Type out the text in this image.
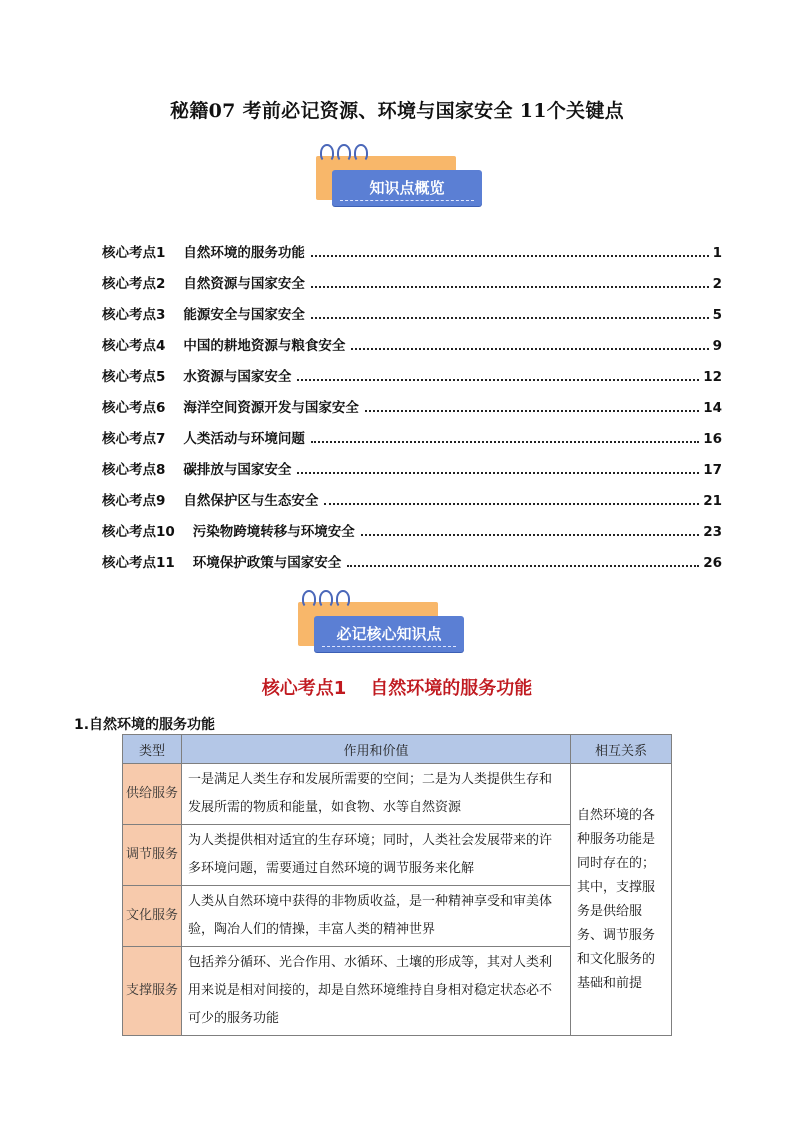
秘籍07 考前必记资源、环境与国家安全 11个关键点
知识点概览
核心考点1 自然环境的服务功能	1
核心考点2 自然资源与国家安全	2
核心考点3 能源安全与国家安全	5
核心考点4 中国的耕地资源与粮食安全	9
核心考点5 水资源与国家安全	12
核心考点6 海洋空间资源开发与国家安全	14
核心考点7 人类活动与环境问题	16
核心考点8 碳排放与国家安全	17
核心考点9 自然保护区与生态安全	21
核心考点10 污染物跨境转移与环境安全	23
核心考点11 环境保护政策与国家安全	26
必记核心知识点
核心考点1 自然环境的服务功能
1.自然环境的服务功能
类型	作用和价值	相互关系
供给服务	一是满足人类生存和发展所需要的空间；二是为人类提供生存和发展所需的物质和能量，如食物、水等自然资源	自然环境的各种服务功能是同时存在的；其中，支撑服务是供给服务、调节服务和文化服务的基础和前提
调节服务	为人类提供相对适宜的生存环境；同时，人类社会发展带来的许多环境问题，需要通过自然环境的调节服务来化解	
文化服务	人类从自然环境中获得的非物质收益，是一种精神享受和审美体验，陶冶人们的情操，丰富人类的精神世界	
支撑服务	包括养分循环、光合作用、水循环、土壤的形成等，其对人类利用来说是相对间接的，却是自然环境维持自身相对稳定状态必不可少的服务功能	
